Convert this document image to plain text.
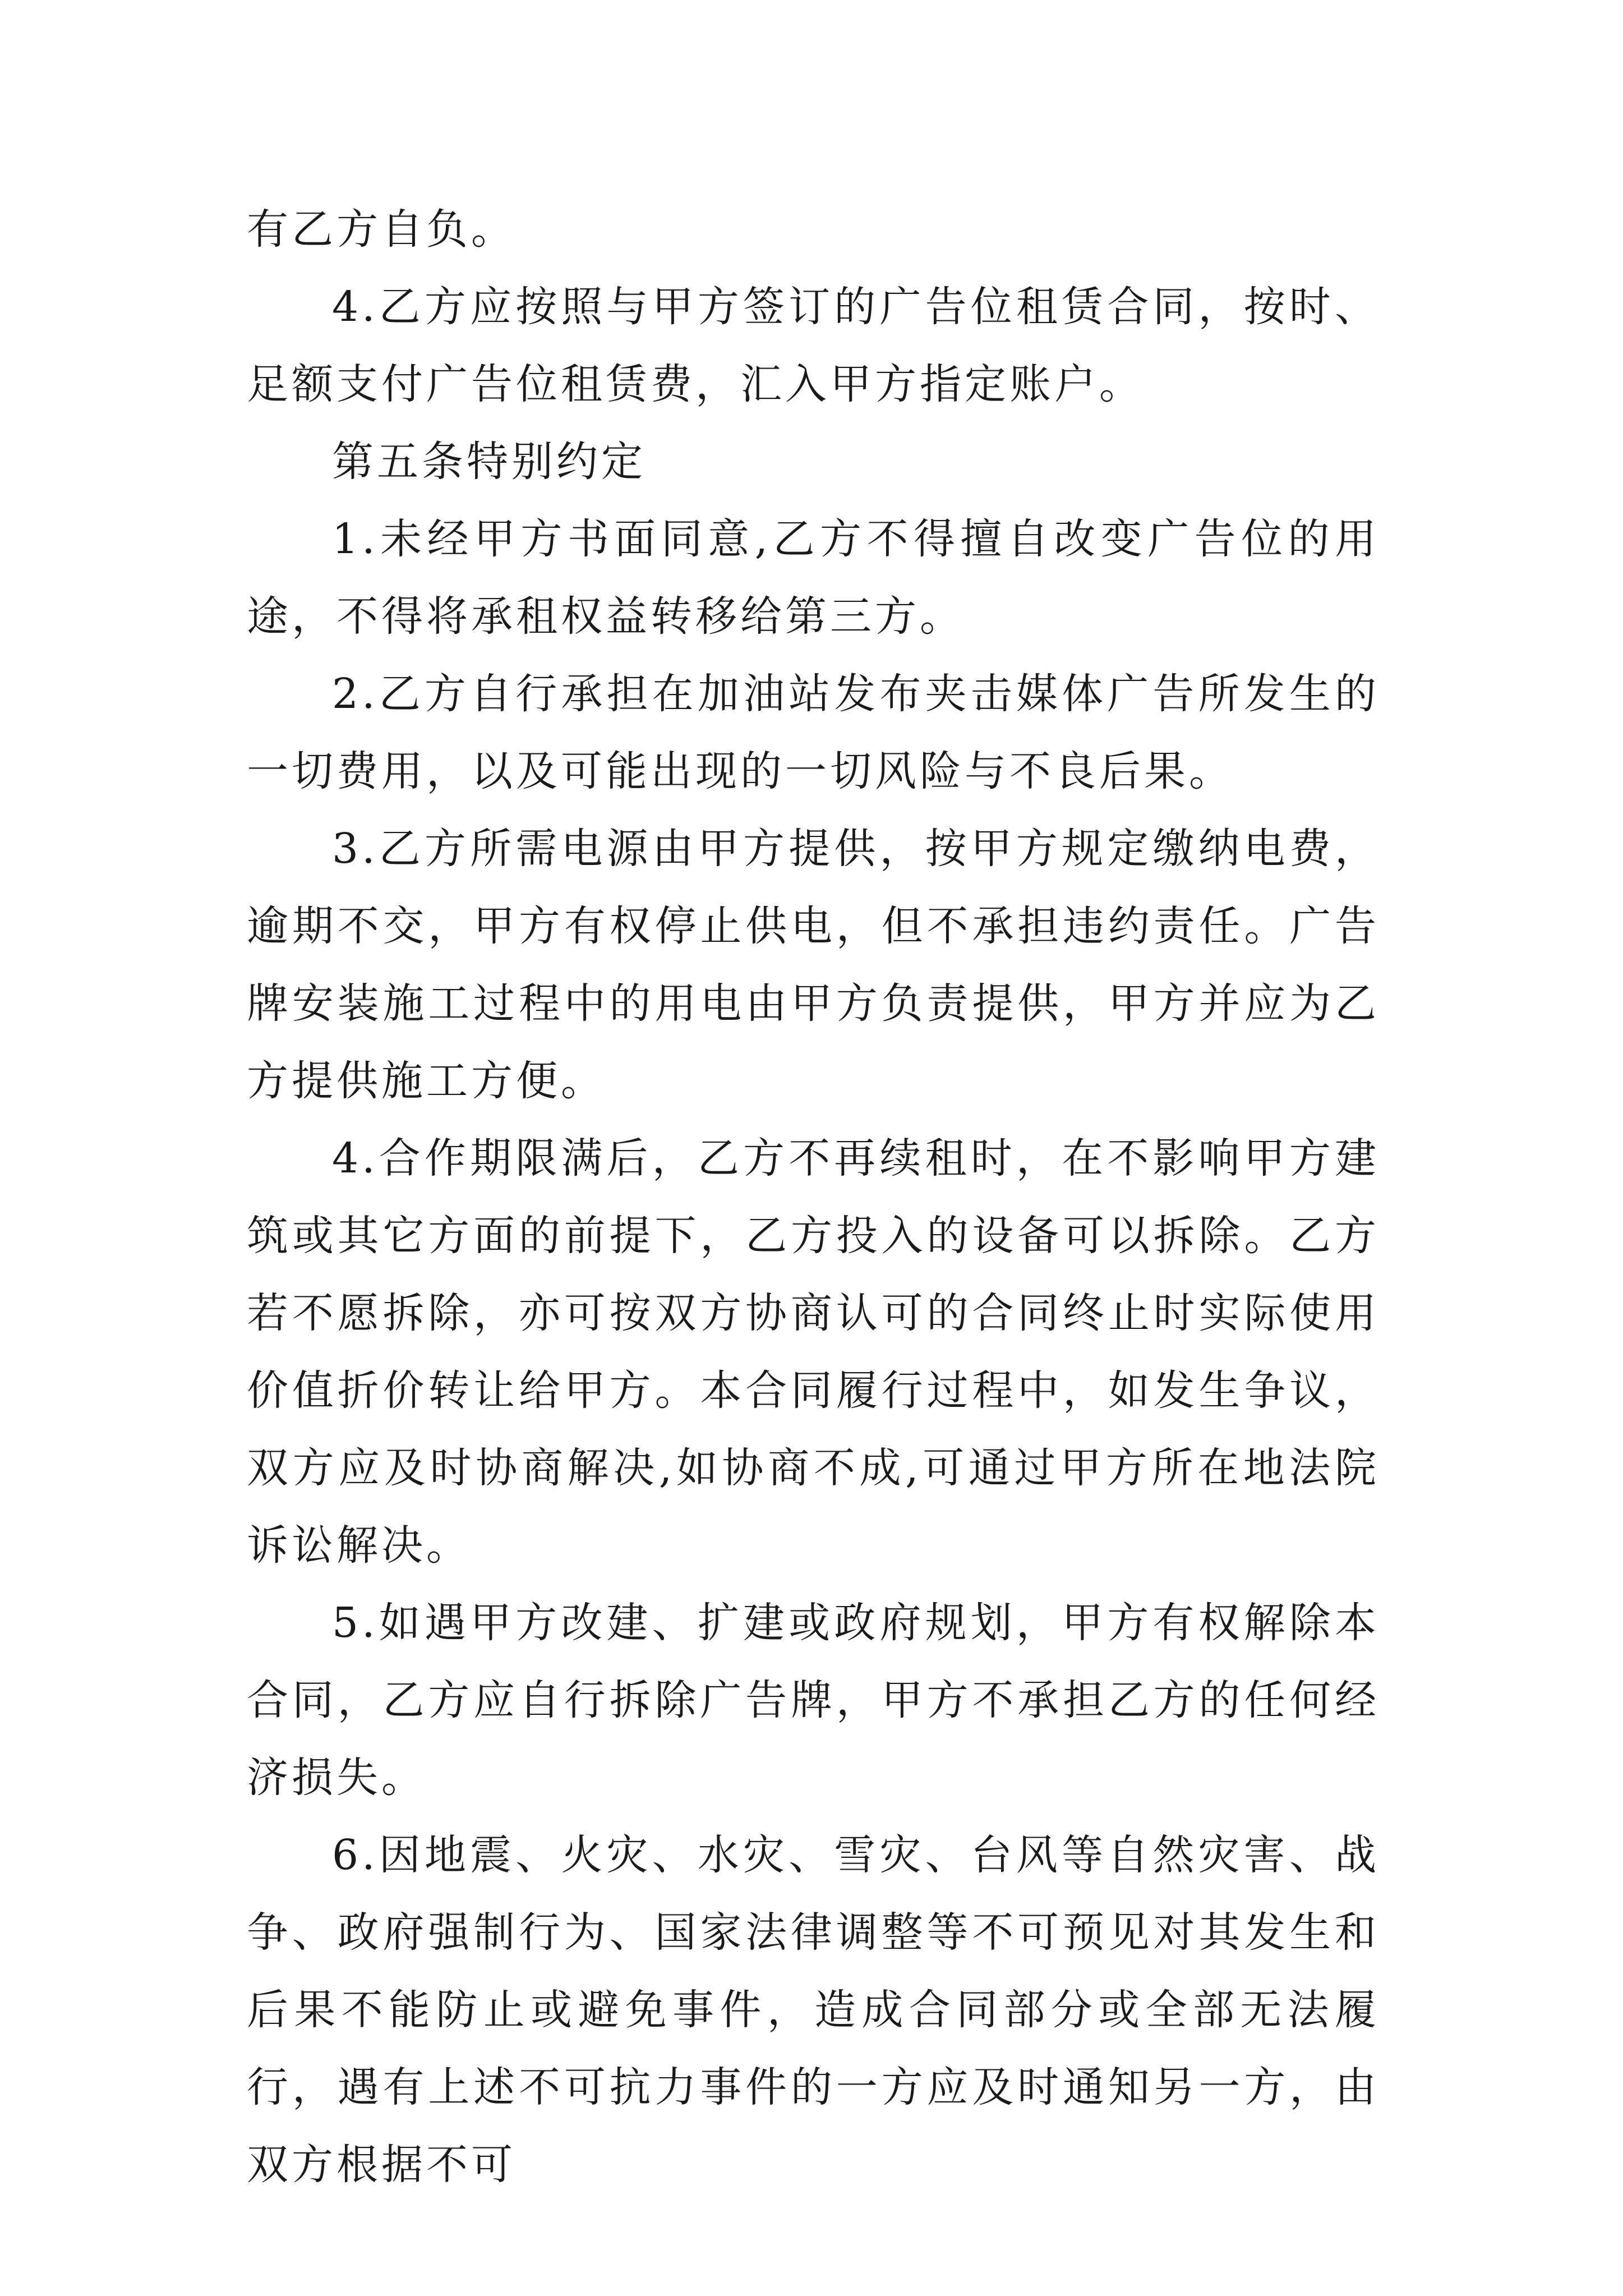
有乙方自负。

4.乙方应按照与甲方签订的广告位租赁合同，按时、足额支付广告位租赁费，汇入甲方指定账户。

第五条特别约定

1.未经甲方书面同意,乙方不得擅自改变广告位的用途，不得将承租权益转移给第三方。

2.乙方自行承担在加油站发布夹击媒体广告所发生的一切费用，以及可能出现的一切风险与不良后果。

3.乙方所需电源由甲方提供，按甲方规定缴纳电费，逾期不交，甲方有权停止供电，但不承担违约责任。广告牌安装施工过程中的用电由甲方负责提供，甲方并应为乙方提供施工方便。

4.合作期限满后，乙方不再续租时，在不影响甲方建筑或其它方面的前提下，乙方投入的设备可以拆除。乙方若不愿拆除，亦可按双方协商认可的合同终止时实际使用价值折价转让给甲方。本合同履行过程中，如发生争议，双方应及时协商解决,如协商不成,可通过甲方所在地法院诉讼解决。

5.如遇甲方改建、扩建或政府规划，甲方有权解除本合同，乙方应自行拆除广告牌，甲方不承担乙方的任何经济损失。

6.因地震、火灾、水灾、雪灾、台风等自然灾害、战争、政府强制行为、国家法律调整等不可预见对其发生和后果不能防止或避免事件，造成合同部分或全部无法履行，遇有上述不可抗力事件的一方应及时通知另一方，由双方根据不可
